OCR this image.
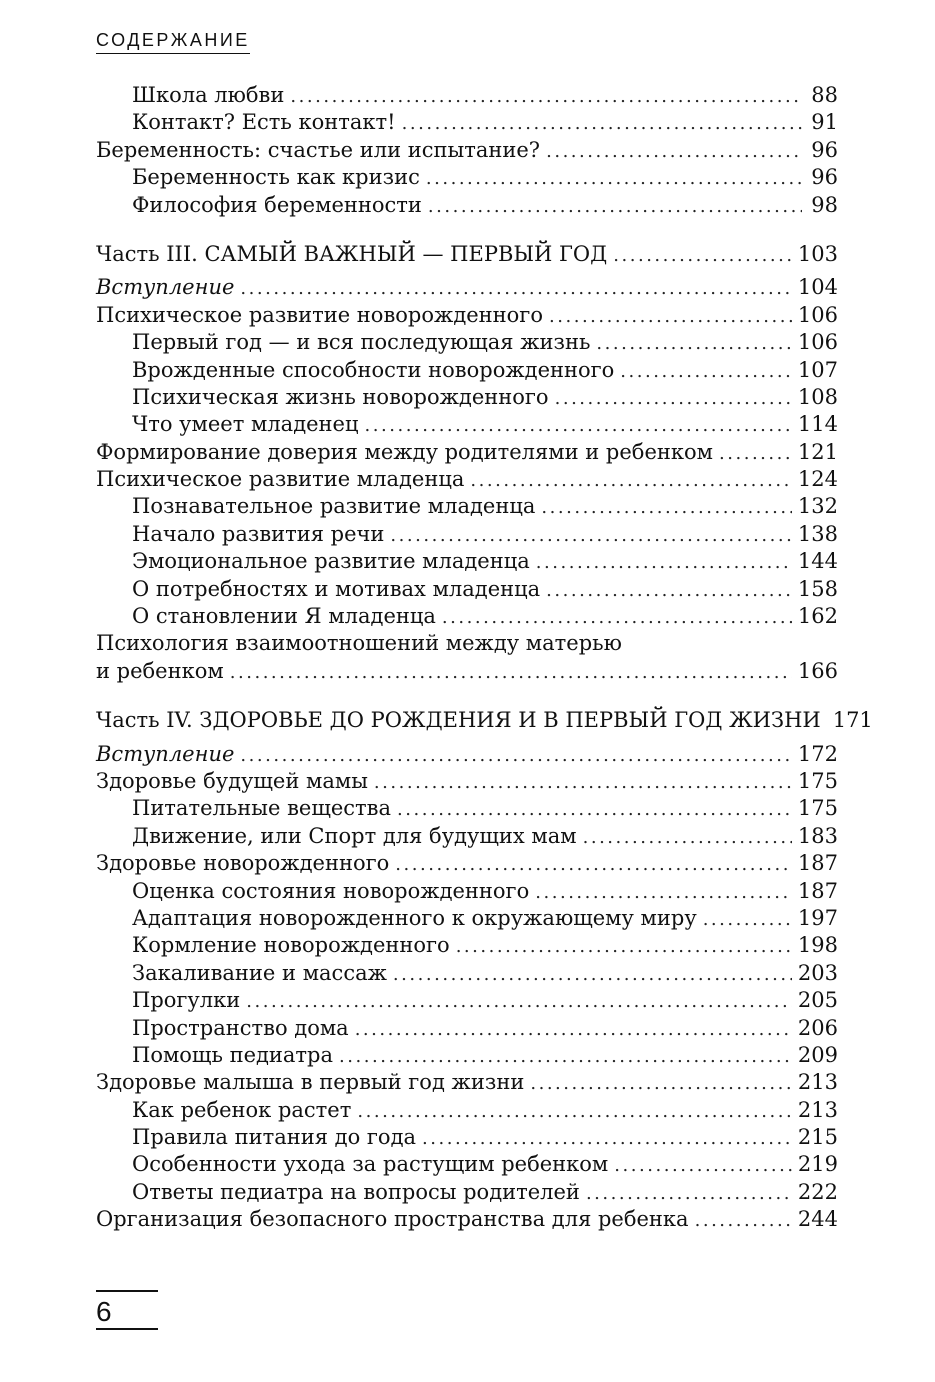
СОДЕРЖАНИЕ
Школа любви . . .	88
Контакт? Есть контакт! . . .	91
Беременность: счастье или испытание? . . .	96
Беременность как кризис . . .	96
Философия беременности . . .	98
Часть III. САМЫЙ ВАЖНЫЙ — ПЕРВЫЙ ГОД . . .	103
Вступление . . .	104
Психическое развитие новорожденного . . .	106
Первый год — и вся последующая жизнь . . .	106
Врожденные способности новорожденного . . .	107
Психическая жизнь новорожденного . . .	108
Что умеет младенец . . .	114
Формирование доверия между родителями и ребенком . . .	121
Психическое развитие младенца . . .	124
Познавательное развитие младенца . . .	132
Начало развития речи . . .	138
Эмоциональное развитие младенца . . .	144
О потребностях и мотивах младенца . . .	158
О становлении Я младенца . . .	162
Психология взаимоотношений между матерью
и ребенком . . .	166
Часть IV. ЗДОРОВЬЕ ДО РОЖДЕНИЯ И В ПЕРВЫЙ ГОД ЖИЗНИ 171
Вступление . . .	172
Здоровье будущей мамы . . .	175
Питательные вещества . . .	175
Движение, или Спорт для будущих мам . . .	183
Здоровье новорожденного . . .	187
Оценка состояния новорожденного . . .	187
Адаптация новорожденного к окружающему миру . . .	197
Кормление новорожденного . . .	198
Закаливание и массаж . . .	203
Прогулки . . .	205
Пространство дома . . .	206
Помощь педиатра . . .	209
Здоровье малыша в первый год жизни . . .	213
Как ребенок растет . . .	213
Правила питания до года . . .	215
Особенности ухода за растущим ребенком . . .	219
Ответы педиатра на вопросы родителей . . .	222
Организация безопасного пространства для ребенка . . .	244
6
